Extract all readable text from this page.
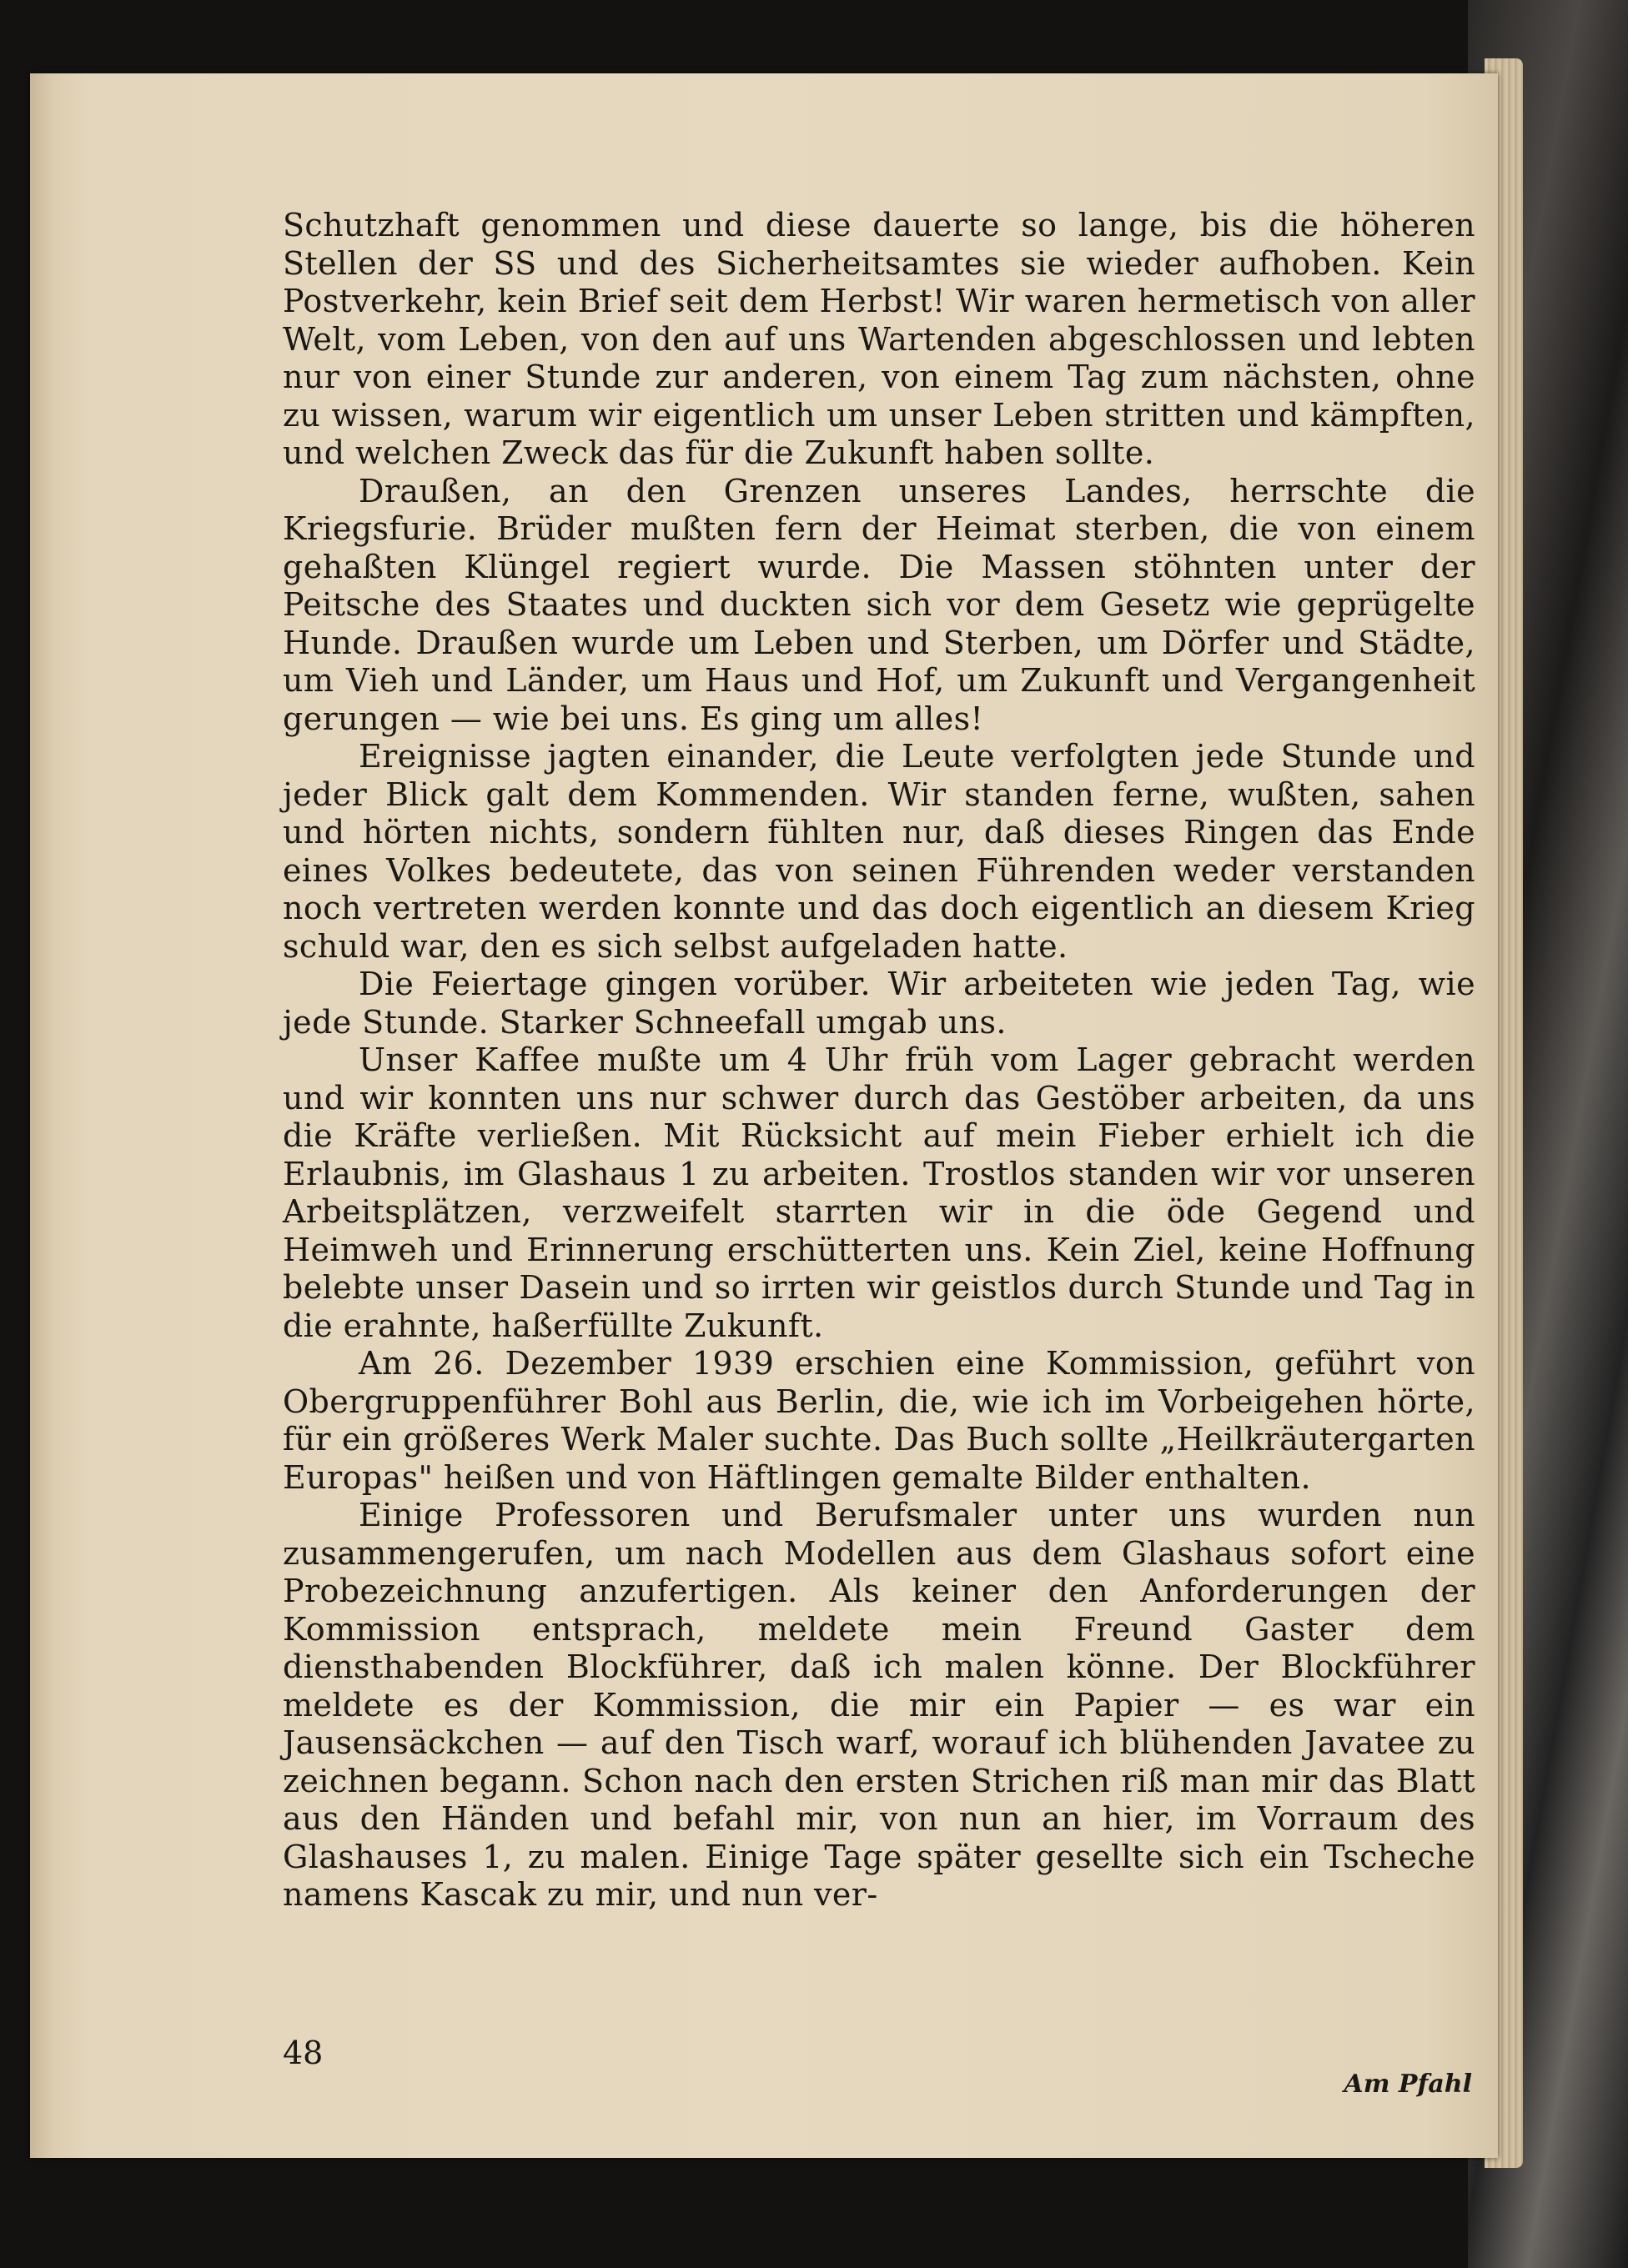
Schutzhaft genommen und diese dauerte so lange, bis die höheren Stellen der SS und des Sicherheitsamtes sie wieder aufhoben. Kein Postverkehr, kein Brief seit dem Herbst! Wir waren hermetisch von aller Welt, vom Leben, von den auf uns Wartenden abgeschlossen und lebten nur von einer Stunde zur anderen, von einem Tag zum nächsten, ohne zu wissen, warum wir eigentlich um unser Leben stritten und kämpften, und welchen Zweck das für die Zukunft haben sollte.

Draußen, an den Grenzen unseres Landes, herrschte die Kriegsfurie. Brüder mußten fern der Heimat sterben, die von einem gehaßten Klüngel regiert wurde. Die Massen stöhnten unter der Peitsche des Staates und duckten sich vor dem Gesetz wie geprügelte Hunde. Draußen wurde um Leben und Sterben, um Dörfer und Städte, um Vieh und Länder, um Haus und Hof, um Zukunft und Vergangenheit gerungen — wie bei uns. Es ging um alles!

Ereignisse jagten einander, die Leute verfolgten jede Stunde und jeder Blick galt dem Kommenden. Wir standen ferne, wußten, sahen und hörten nichts, sondern fühlten nur, daß dieses Ringen das Ende eines Volkes bedeutete, das von seinen Führenden weder verstanden noch vertreten werden konnte und das doch eigentlich an diesem Krieg schuld war, den es sich selbst aufgeladen hatte.

Die Feiertage gingen vorüber. Wir arbeiteten wie jeden Tag, wie jede Stunde. Starker Schneefall umgab uns.

Unser Kaffee mußte um 4 Uhr früh vom Lager gebracht werden und wir konnten uns nur schwer durch das Gestöber arbeiten, da uns die Kräfte verließen. Mit Rücksicht auf mein Fieber erhielt ich die Erlaubnis, im Glashaus 1 zu arbeiten. Trostlos standen wir vor unseren Arbeitsplätzen, verzweifelt starrten wir in die öde Gegend und Heimweh und Erinnerung erschütterten uns. Kein Ziel, keine Hoffnung belebte unser Dasein und so irrten wir geistlos durch Stunde und Tag in die erahnte, haßerfüllte Zukunft.

Am 26. Dezember 1939 erschien eine Kommission, geführt von Obergruppenführer Bohl aus Berlin, die, wie ich im Vorbeigehen hörte, für ein größeres Werk Maler suchte. Das Buch sollte „Heilkräutergarten Europas" heißen und von Häftlingen gemalte Bilder enthalten.

Einige Professoren und Berufsmaler unter uns wurden nun zusammengerufen, um nach Modellen aus dem Glashaus sofort eine Probezeichnung anzufertigen. Als keiner den Anforderungen der Kommission entsprach, meldete mein Freund Gaster dem diensthabenden Blockführer, daß ich malen könne. Der Blockführer meldete es der Kommission, die mir ein Papier — es war ein Jausensäckchen — auf den Tisch warf, worauf ich blühenden Javatee zu zeichnen begann. Schon nach den ersten Strichen riß man mir das Blatt aus den Händen und befahl mir, von nun an hier, im Vorraum des Glashauses 1, zu malen. Einige Tage später gesellte sich ein Tscheche namens Kascak zu mir, und nun ver-

48
Am Pfahl
